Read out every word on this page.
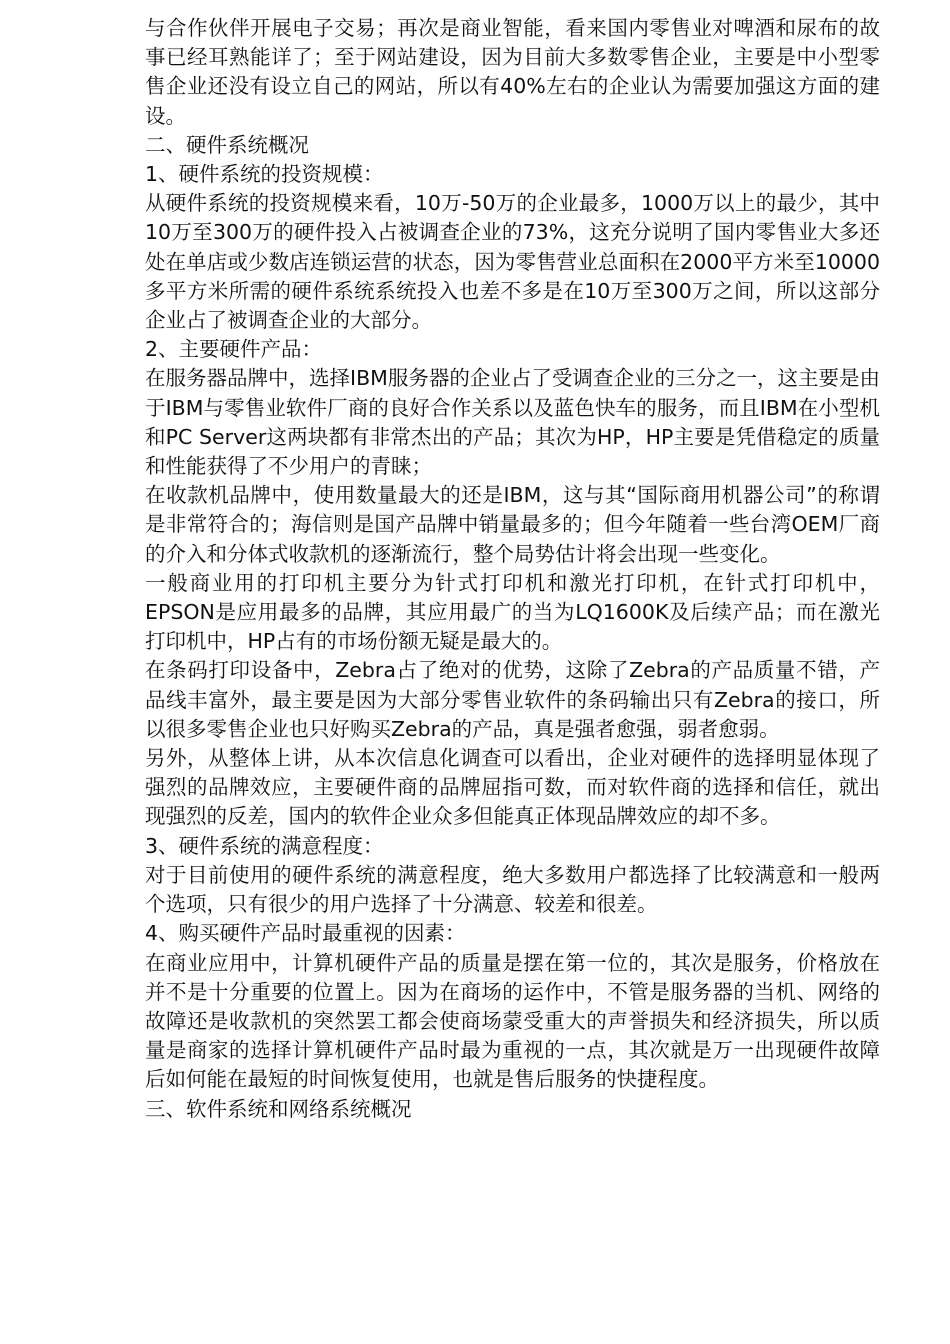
与合作伙伴开展电子交易；再次是商业智能，看来国内零售业对啤酒和尿布的故事已经耳熟能详了；至于网站建设，因为目前大多数零售企业，主要是中小型零售企业还没有设立自己的网站，所以有40%左右的企业认为需要加强这方面的建设。

二、硬件系统概况

1、硬件系统的投资规模：

从硬件系统的投资规模来看，10万-50万的企业最多，1000万以上的最少，其中10万至300万的硬件投入占被调查企业的73%，这充分说明了国内零售业大多还处在单店或少数店连锁运营的状态，因为零售营业总面积在2000平方米至10000多平方米所需的硬件系统系统投入也差不多是在10万至300万之间，所以这部分企业占了被调查企业的大部分。

2、主要硬件产品：

在服务器品牌中，选择IBM服务器的企业占了受调查企业的三分之一，这主要是由于IBM与零售业软件厂商的良好合作关系以及蓝色快车的服务，而且IBM在小型机和PC Server这两块都有非常杰出的产品；其次为HP，HP主要是凭借稳定的质量和性能获得了不少用户的青睐；

在收款机品牌中，使用数量最大的还是IBM，这与其“国际商用机器公司”的称谓是非常符合的；海信则是国产品牌中销量最多的；但今年随着一些台湾OEM厂商的介入和分体式收款机的逐渐流行，整个局势估计将会出现一些变化。

一般商业用的打印机主要分为针式打印机和激光打印机，在针式打印机中，EPSON是应用最多的品牌，其应用最广的当为LQ1600K及后续产品；而在激光打印机中，HP占有的市场份额无疑是最大的。

在条码打印设备中，Zebra占了绝对的优势，这除了Zebra的产品质量不错，产品线丰富外，最主要是因为大部分零售业软件的条码输出只有Zebra的接口，所以很多零售企业也只好购买Zebra的产品，真是强者愈强，弱者愈弱。

另外，从整体上讲，从本次信息化调查可以看出，企业对硬件的选择明显体现了强烈的品牌效应，主要硬件商的品牌屈指可数，而对软件商的选择和信任，就出现强烈的反差，国内的软件企业众多但能真正体现品牌效应的却不多。

3、硬件系统的满意程度：

对于目前使用的硬件系统的满意程度，绝大多数用户都选择了比较满意和一般两个选项，只有很少的用户选择了十分满意、较差和很差。

4、购买硬件产品时最重视的因素：

在商业应用中，计算机硬件产品的质量是摆在第一位的，其次是服务，价格放在并不是十分重要的位置上。因为在商场的运作中，不管是服务器的当机、网络的故障还是收款机的突然罢工都会使商场蒙受重大的声誉损失和经济损失，所以质量是商家的选择计算机硬件产品时最为重视的一点，其次就是万一出现硬件故障后如何能在最短的时间恢复使用，也就是售后服务的快捷程度。

三、软件系统和网络系统概况
